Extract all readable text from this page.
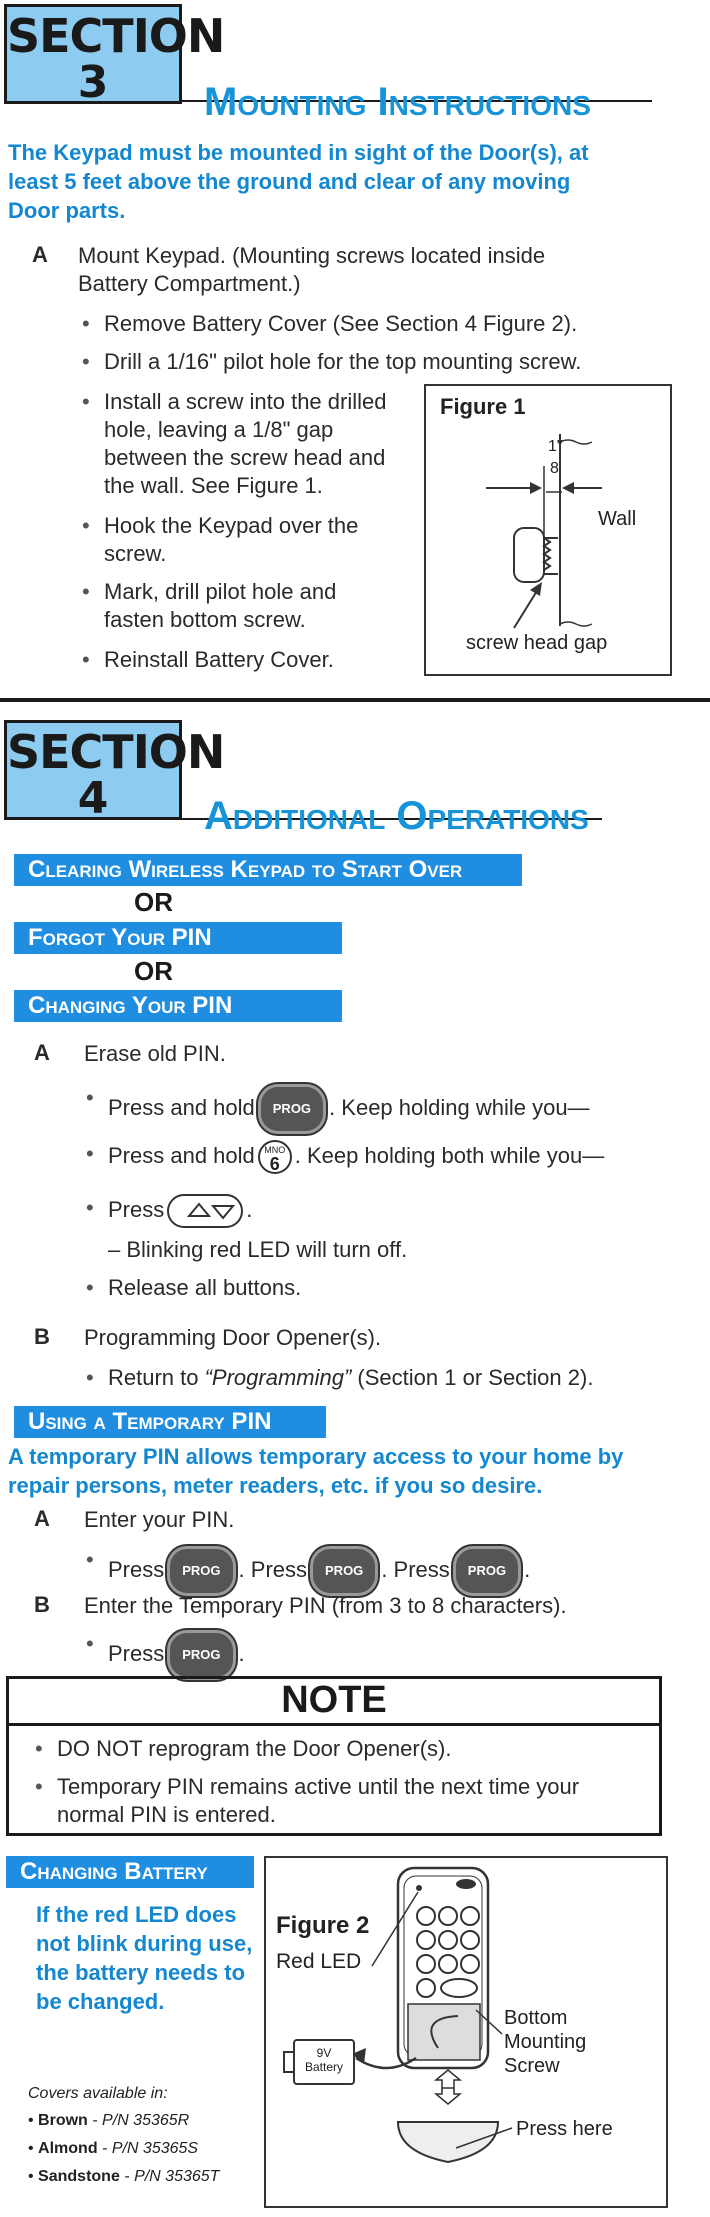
SECTION
3	Mounting Instructions
The Keypad must be mounted in sight of the Door(s), at least 5 feet above the ground and clear of any moving Door parts.
A Mount Keypad. (Mounting screws located inside Battery Compartment.)
• Remove Battery Cover (See Section 4 Figure 2).
• Drill a 1/16" pilot hole for the top mounting screw.
• Install a screw into the drilled hole, leaving a 1/8" gap between the screw head and the wall. See Figure 1.
• Hook the Keypad over the screw.
• Mark, drill pilot hole and fasten bottom screw.
• Reinstall Battery Cover.
Figure 1
1"
8
Wall
screw head gap
SECTION
4	Additional Operations
Clearing Wireless Keypad to Start Over
OR
Forgot Your PIN
OR
Changing Your PIN
A Erase old PIN.
• Press and hold PROG . Keep holding while you—
• Press and hold MNO
6 . Keep holding both while you—
• Press	.
– Blinking red LED will turn off.
• Release all buttons.
B Programming Door Opener(s).
• Return to “Programming” (Section 1 or Section 2).
Using a Temporary PIN
A temporary PIN allows temporary access to your home by repair persons, meter readers, etc. if you so desire.
A Enter your PIN.
• Press PROG . Press PROG . Press PROG .
B Enter the Temporary PIN (from 3 to 8 characters).
• Press PROG .
NOTE
• DO NOT reprogram the Door Opener(s).
• Temporary PIN remains active until the next time your normal PIN is entered.
Changing Battery
If the red LED does not blink during use, the battery needs to be changed.
Covers available in:
• Brown - P/N 35365R
• Almond - P/N 35365S
• Sandstone - P/N 35365T
Figure 2
Red LED
9V Battery
Bottom Mounting Screw
Press here
